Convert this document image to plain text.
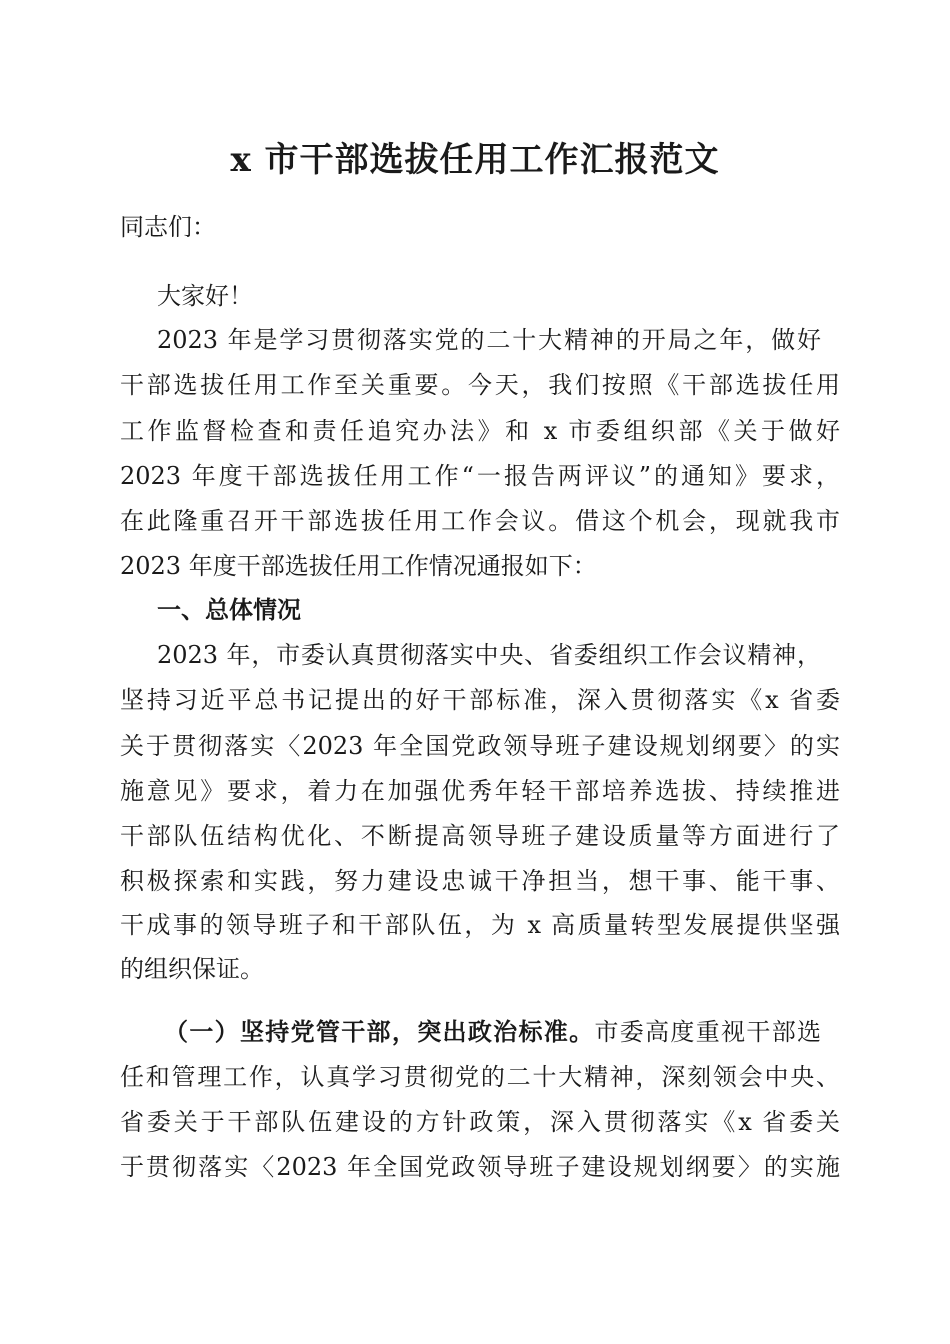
x 市干部选拔任用工作汇报范文

同志们：

大家好！

2023 年是学习贯彻落实党的二十大精神的开局之年，做好

干部选拔任用工作至关重要。今天，我们按照《干部选拔任用

工作监督检查和责任追究办法》和 x 市委组织部《关于做好

2023 年度干部选拔任用工作“一报告两评议”的通知》要求，

在此隆重召开干部选拔任用工作会议。借这个机会，现就我市

2023 年度干部选拔任用工作情况通报如下：

一、总体情况

2023 年，市委认真贯彻落实中央、省委组织工作会议精神，

坚持习近平总书记提出的好干部标准，深入贯彻落实《x 省委

关于贯彻落实〈2023 年全国党政领导班子建设规划纲要〉的实

施意见》要求，着力在加强优秀年轻干部培养选拔、持续推进

干部队伍结构优化、不断提高领导班子建设质量等方面进行了

积极探索和实践，努力建设忠诚干净担当，想干事、能干事、

干成事的领导班子和干部队伍，为 x 高质量转型发展提供坚强

的组织保证。

（一）坚持党管干部，突出政治标准。市委高度重视干部选

任和管理工作，认真学习贯彻党的二十大精神，深刻领会中央、

省委关于干部队伍建设的方针政策，深入贯彻落实《x 省委关

于贯彻落实〈2023 年全国党政领导班子建设规划纲要〉的实施
